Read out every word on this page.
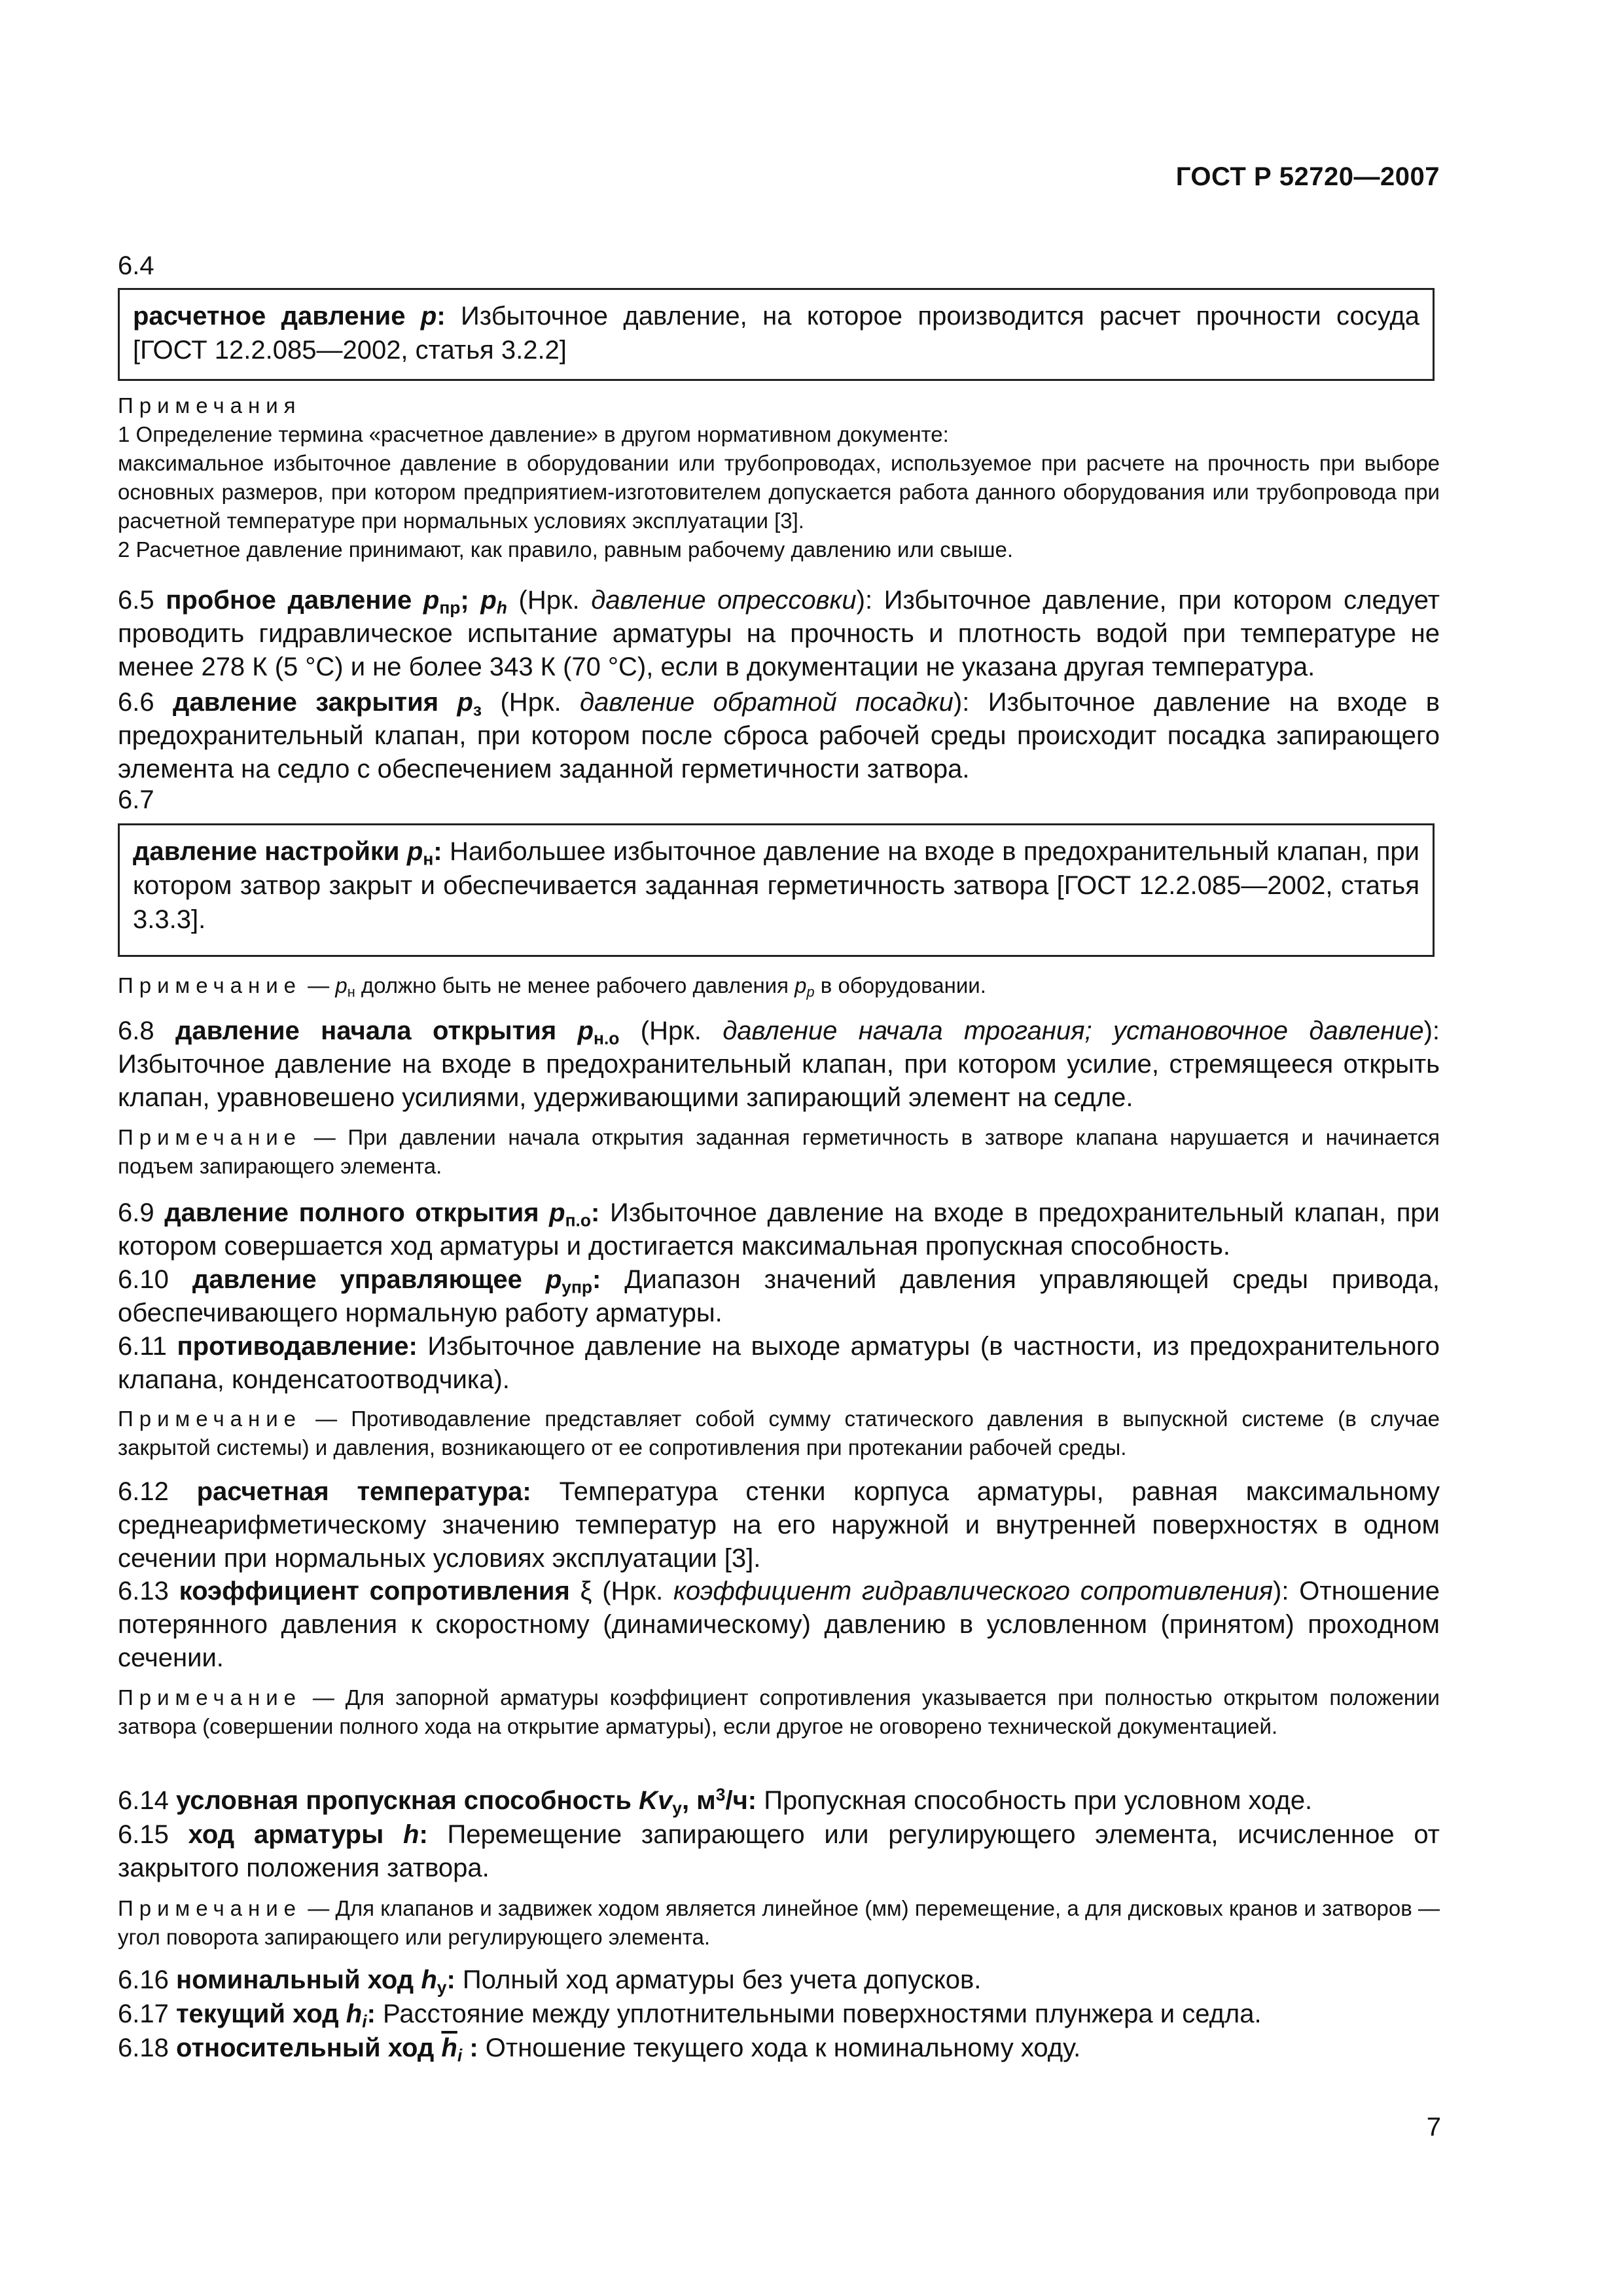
ГОСТ Р 52720—2007
6.4
расчетное давление р: Избыточное давление, на которое производится расчет прочности сосуда [ГОСТ 12.2.085—2002, статья 3.2.2]
Примечания
1 Определение термина «расчетное давление» в другом нормативном документе:
максимальное избыточное давление в оборудовании или трубопроводах, используемое при расчете на прочность при выборе основных размеров, при котором предприятием-изготовителем допускается работа данного оборудования или трубопровода при расчетной температуре при нормальных условиях эксплуатации [3].
2 Расчетное давление принимают, как правило, равным рабочему давлению или свыше.
6.5 пробное давление $р_{пр}$; $р_h$ (Нрк. давление опрессовки): Избыточное давление, при котором следует проводить гидравлическое испытание арматуры на прочность и плотность водой при температуре не менее 278 К (5 °С) и не более 343 К (70 °С), если в документации не указана другая температура.
6.6 давление закрытия $р_з$ (Нрк. давление обратной посадки): Избыточное давление на входе в предохранительный клапан, при котором после сброса рабочей среды происходит посадка запирающего элемента на седло с обеспечением заданной герметичности затвора.
6.7
давление настройки $р_н$: Наибольшее избыточное давление на входе в предохранительный клапан, при котором затвор закрыт и обеспечивается заданная герметичность затвора [ГОСТ 12.2.085—2002, статья 3.3.3].
Примечание — $р_н$ должно быть не менее рабочего давления $р_р$ в оборудовании.
6.8 давление начала открытия $р_{н.о}$ (Нрк. давление начала трогания; установочное давление): Избыточное давление на входе в предохранительный клапан, при котором усилие, стремящееся открыть клапан, уравновешено усилиями, удерживающими запирающий элемент на седле.
Примечание — При давлении начала открытия заданная герметичность в затворе клапана нарушается и начинается подъем запирающего элемента.
6.9 давление полного открытия $р_{п.о}$: Избыточное давление на входе в предохранительный клапан, при котором совершается ход арматуры и достигается максимальная пропускная способность.
6.10 давление управляющее $р_{упр}$: Диапазон значений давления управляющей среды привода, обеспечивающего нормальную работу арматуры.
6.11 противодавление: Избыточное давление на выходе арматуры (в частности, из предохранительного клапана, конденсатоотводчика).
Примечание — Противодавление представляет собой сумму статического давления в выпускной системе (в случае закрытой системы) и давления, возникающего от ее сопротивления при протекании рабочей среды.
6.12 расчетная температура: Температура стенки корпуса арматуры, равная максимальному среднеарифметическому значению температур на его наружной и внутренней поверхностях в одном сечении при нормальных условиях эксплуатации [3].
6.13 коэффициент сопротивления ξ (Нрк. коэффициент гидравлического сопротивления): Отношение потерянного давления к скоростному (динамическому) давлению в условленном (принятом) проходном сечении.
Примечание — Для запорной арматуры коэффициент сопротивления указывается при полностью открытом положении затвора (совершении полного хода на открытие арматуры), если другое не оговорено технической документацией.
6.14 условная пропускная способность $Kv_у$, $м^3/ч$: Пропускная способность при условном ходе.
6.15 ход арматуры h: Перемещение запирающего или регулирующего элемента, исчисленное от закрытого положения затвора.
Примечание — Для клапанов и задвижек ходом является линейное (мм) перемещение, а для дисковых кранов и затворов — угол поворота запирающего или регулирующего элемента.
6.16 номинальный ход $h_у$: Полный ход арматуры без учета допусков.
6.17 текущий ход $h_i$: Расстояние между уплотнительными поверхностями плунжера и седла.
6.18 относительный ход $\overline{h}_i$ : Отношение текущего хода к номинальному ходу.
7
